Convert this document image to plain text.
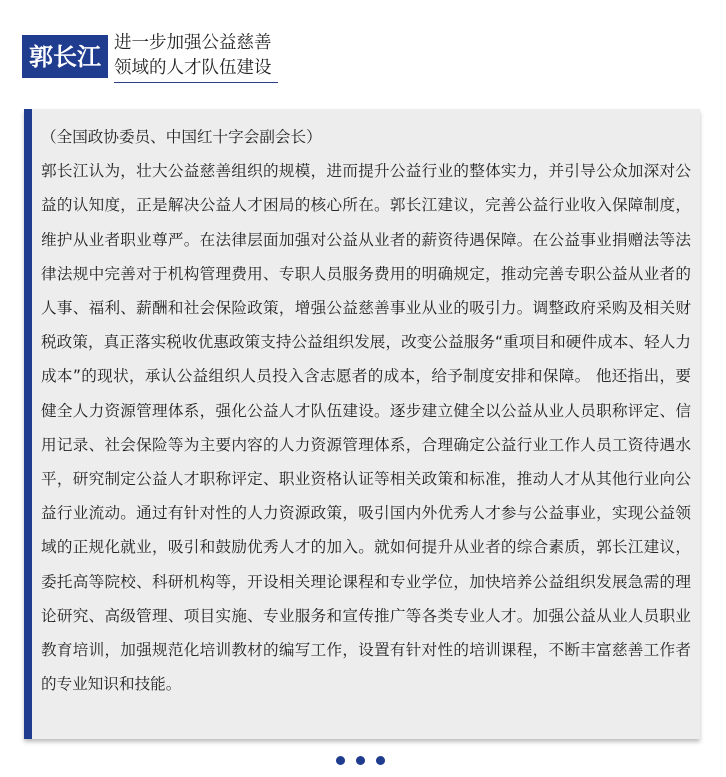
郭长江 进一步加强公益慈善
领域的人才队伍建设
（全国政协委员、中国红十字会副会长）
郭长江认为，壮大公益慈善组织的规模，进而提升公益行业的整体实力，并引导公众加深对公益的认知度，正是解决公益人才困局的核心所在。郭长江建议，完善公益行业收入保障制度，维护从业者职业尊严。在法律层面加强对公益从业者的薪资待遇保障。在公益事业捐赠法等法律法规中完善对于机构管理费用、专职人员服务费用的明确规定，推动完善专职公益从业者的人事、福利、薪酬和社会保险政策，增强公益慈善事业从业的吸引力。调整政府采购及相关财税政策，真正落实税收优惠政策支持公益组织发展，改变公益服务“重项目和硬件成本、轻人力成本”的现状，承认公益组织人员投入含志愿者的成本，给予制度安排和保障。 他还指出，要健全人力资源管理体系，强化公益人才队伍建设。逐步建立健全以公益从业人员职称评定、信用记录、社会保险等为主要内容的人力资源管理体系，合理确定公益行业工作人员工资待遇水平，研究制定公益人才职称评定、职业资格认证等相关政策和标准，推动人才从其他行业向公益行业流动。通过有针对性的人力资源政策，吸引国内外优秀人才参与公益事业，实现公益领域的正规化就业，吸引和鼓励优秀人才的加入。就如何提升从业者的综合素质，郭长江建议，委托高等院校、科研机构等，开设相关理论课程和专业学位，加快培养公益组织发展急需的理论研究、高级管理、项目实施、专业服务和宣传推广等各类专业人才。加强公益从业人员职业教育培训，加强规范化培训教材的编写工作，设置有针对性的培训课程，不断丰富慈善工作者的专业知识和技能。
